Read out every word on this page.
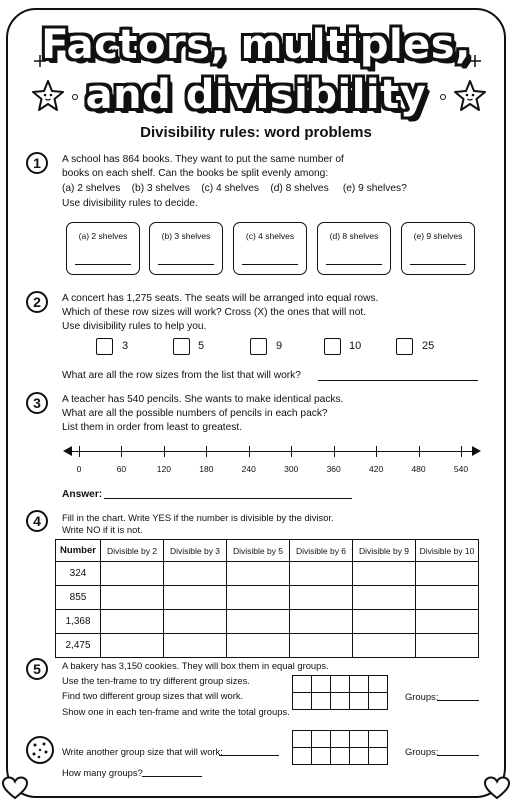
Factors, multiples,
and divisibility
Divisibility rules: word problems
1	A school has 864 books. They want to put the same number of
books on each shelf. Can the books be split evenly among:
(a) 2 shelves    (b) 3 shelves    (c) 4 shelves    (d) 8 shelves     (e) 9 shelves?
Use divisibility rules to decide.
(a) 2 shelves	(b) 3 shelves	(c) 4 shelves	(d) 8 shelves	(e) 9 shelves
2	A concert has 1,275 seats. The seats will be arranged into equal rows.
Which of these row sizes will work? Cross (X) the ones that will not.
Use divisibility rules to help you.
3	5	9	10	25
What are all the row sizes from the list that will work?
3	A teacher has 540 pencils. She wants to make identical packs.
What are all the possible numbers of pencils in each pack?
List them in order from least to greatest.
0	60	120	180	240	300	360	420	480	540
Answer:
4	Fill in the chart. Write YES if the number is divisible by the divisor.
Write NO if it is not.
Number	Divisible by 2	Divisible by 3	Divisible by 5	Divisible by 6	Divisible by 9	Divisible by 10
324						
855						
1,368						
2,475						
5	A bakery has 3,150 cookies. They will box them in equal groups.
Use the ten-frame to try different group sizes.
Find two different group sizes that will work.
Show one in each ten-frame and write the total groups.

Groups:
Write another group size that will work:
How many groups?

Groups:
